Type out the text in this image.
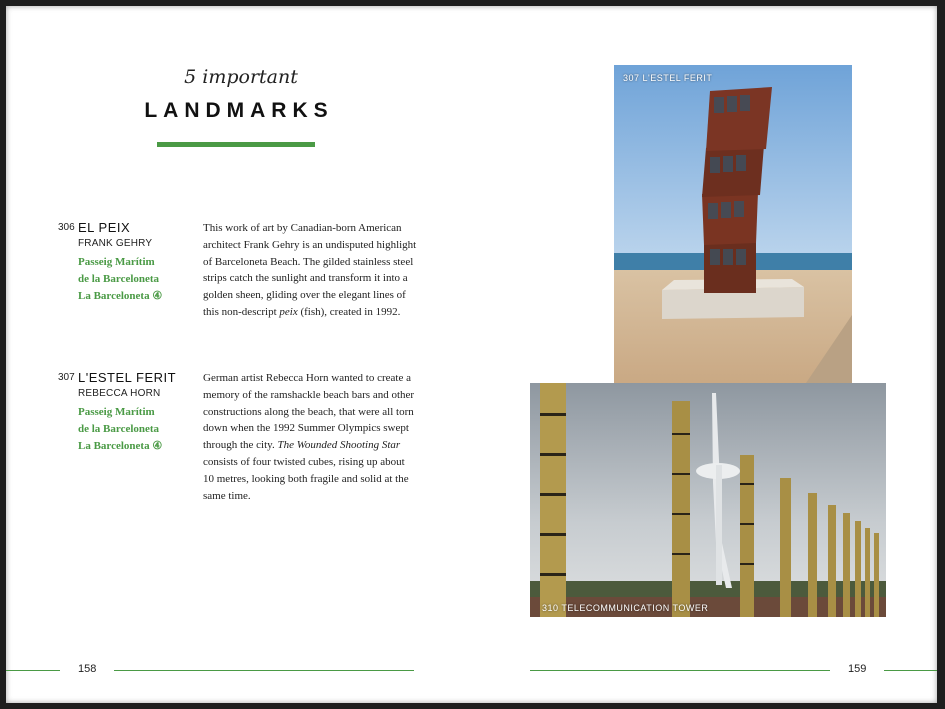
5 important
LANDMARKS
306 EL PEIX
FRANK GEHRY
Passeig Marítim
de la Barceloneta
La Barceloneta ④

This work of art by Canadian-born American architect Frank Gehry is an undisputed highlight of Barceloneta Beach. The gilded stainless steel strips catch the sunlight and transform it into a golden sheen, gliding over the elegant lines of this non-descript peix (fish), created in 1992.

307 L'ESTEL FERIT
REBECCA HORN
Passeig Marítim
de la Barceloneta
La Barceloneta ④

German artist Rebecca Horn wanted to create a memory of the ramshackle beach bars and other constructions along the beach, that were all torn down when the 1992 Summer Olympics swept through the city. The Wounded Shooting Star consists of four twisted cubes, rising up about 10 metres, looking both fragile and solid at the same time.

307 L'ESTEL FERIT
310 TELECOMMUNICATION TOWER
158	159
